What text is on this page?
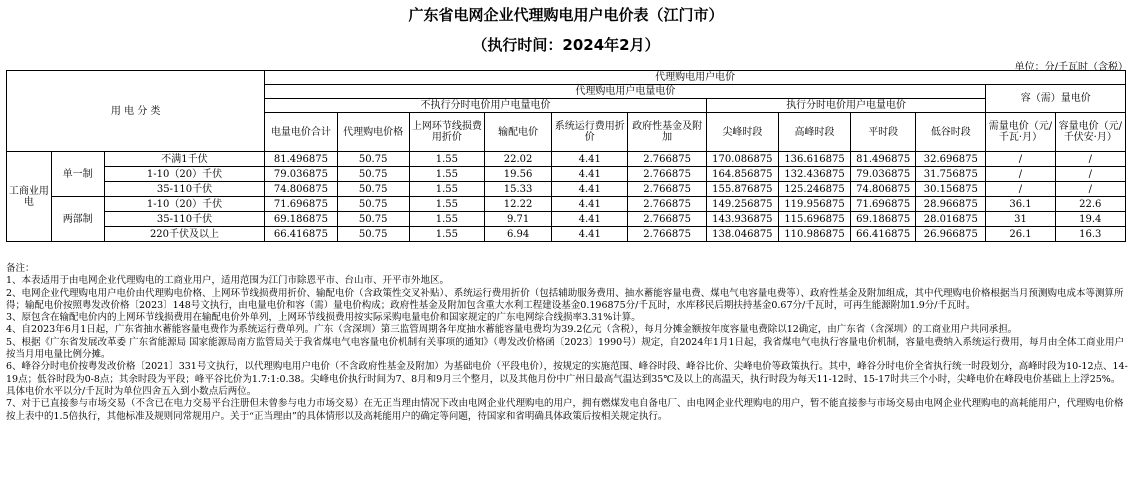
广东省电网企业代理购电用户电价表（江门市）
（执行时间：2024年2月）
单位：分/千瓦时（含税）
用 电 分 类			代理购电用户电价											
			代理购电用户电量电价										容（需）量电价	
			不执行分时电价用户电量电价						执行分时电价用户电量电价					
			电量电价合计	代理购电价格	上网环节线损费用折价	输配电价	系统运行费用折价	政府性基金及附加	尖峰时段	高峰时段	平时段	低谷时段	需量电价（元/千瓦·月）	容量电价（元/千伏安·月）
工商业用电	单一制	不满1千伏	81.496875	50.75	1.55	22.02	4.41	2.766875	170.086875	136.616875	81.496875	32.696875	/	/
		1-10（20）千伏	79.036875	50.75	1.55	19.56	4.41	2.766875	164.856875	132.436875	79.036875	31.756875	/	/
		35-110千伏	74.806875	50.75	1.55	15.33	4.41	2.766875	155.876875	125.246875	74.806875	30.156875	/	/
	两部制	1-10（20）千伏	71.696875	50.75	1.55	12.22	4.41	2.766875	149.256875	119.956875	71.696875	28.966875	36.1	22.6
		35-110千伏	69.186875	50.75	1.55	9.71	4.41	2.766875	143.936875	115.696875	69.186875	28.016875	31	19.4
		220千伏及以上	66.416875	50.75	1.55	6.94	4.41	2.766875	138.046875	110.986875	66.416875	26.966875	26.1	16.3

备注：

1、本表适用于由电网企业代理购电的工商业用户，适用范围为江门市除恩平市、台山市、开平市外地区。

2、电网企业代理购电用户电价由代理购电价格、上网环节线损费用折价、输配电价（含政策性交叉补贴）、系统运行费用折价（包括辅助服务费用、抽水蓄能容量电费、煤电气电容量电费等）、政府性基金及附加组成，其中代理购电价格根据当月预测购电成本等测算所得；输配电价按照粤发改价格〔2023〕148号文执行，由电量电价和容（需）量电价构成；政府性基金及附加包含重大水利工程建设基金0.196875分/千瓦时，水库移民后期扶持基金0.67分/千瓦时，可再生能源附加1.9分/千瓦时。

3、原包含在输配电价内的上网环节线损费用在输配电价外单列，上网环节线损费用按实际采购电量电价和国家规定的广东电网综合线损率3.31%计算。

4、自2023年6月1日起，广东省抽水蓄能容量电费作为系统运行费单列。广东（含深圳）第三监管周期各年度抽水蓄能容量电费均为39.2亿元（含税），每月分摊金额按年度容量电费除以12确定，由广东省（含深圳）的工商业用户共同承担。

5、根据《广东省发展改革委 广东省能源局 国家能源局南方监管局关于我省煤电气电容量电价机制有关事项的通知》（粤发改价格函〔2023〕1990号）规定，自2024年1月1日起，我省煤电气电执行容量电价机制，容量电费纳入系统运行费用，每月由全体工商业用户按当月用电量比例分摊。

6、峰谷分时电价按粤发改价格〔2021〕331号文执行，以代理购电用户电价（不含政府性基金及附加）为基础电价（平段电价），按规定的实施范围、峰谷时段、峰谷比价、尖峰电价等政策执行。其中，峰谷分时电价全省执行统一时段划分，高峰时段为10-12点、14-19点；低谷时段为0-8点；其余时段为平段；峰平谷比价为1.7:1:0.38。尖峰电价执行时间为7、8月和9月三个整月，以及其他月份中广州日最高气温达到35℃及以上的高温天，执行时段为每天11-12时、15-17时共三个小时，尖峰电价在峰段电价基础上上浮25%。具体电价水平以分/千瓦时为单位四舍五入到小数点后两位。

7、对于已直接参与市场交易（不含已在电力交易平台注册但未曾参与电力市场交易）在无正当理由情况下改由电网企业代理购电的用户，拥有燃煤发电自备电厂、由电网企业代理购电的用户，暂不能直接参与市场交易由电网企业代理购电的高耗能用户，代理购电价格按上表中的1.5倍执行，其他标准及规则同常规用户。关于“正当理由”的具体情形以及高耗能用户的确定等问题，待国家和省明确具体政策后按相关规定执行。
